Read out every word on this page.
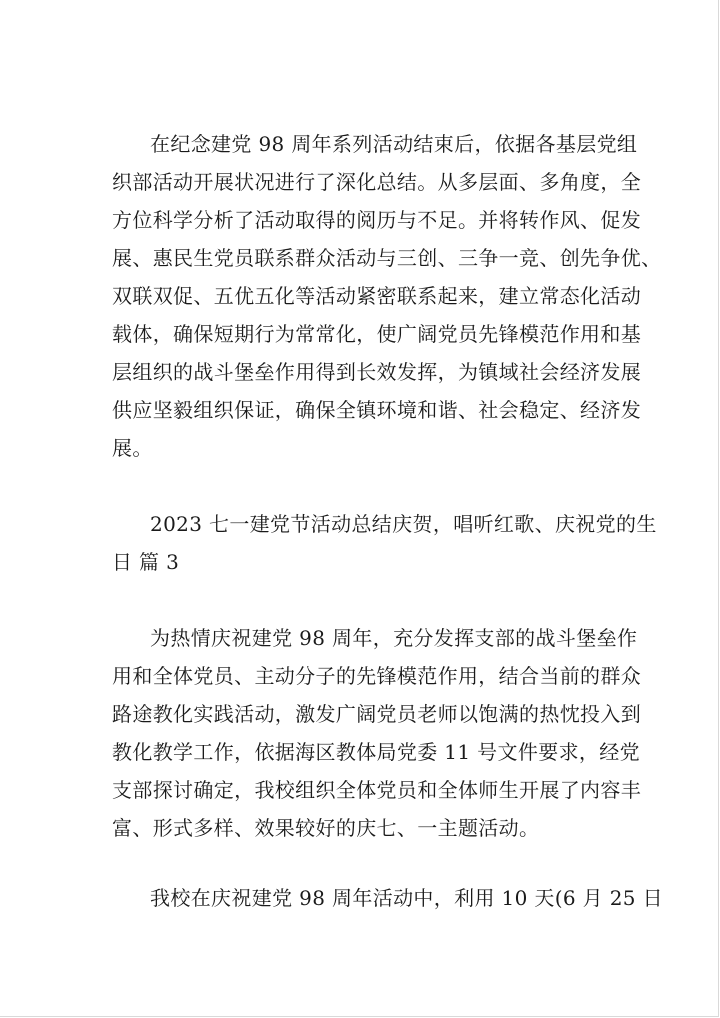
在纪念建党 98 周年系列活动结束后，依据各基层党组
织部活动开展状况进行了深化总结。从多层面、多角度，全
方位科学分析了活动取得的阅历与不足。并将转作风、促发
展、惠民生党员联系群众活动与三创、三争一竞、创先争优、
双联双促、五优五化等活动紧密联系起来，建立常态化活动
载体，确保短期行为常常化，使广阔党员先锋模范作用和基
层组织的战斗堡垒作用得到长效发挥，为镇域社会经济发展
供应坚毅组织保证，确保全镇环境和谐、社会稳定、经济发
展。
2023 七一建党节活动总结庆贺，唱听红歌、庆祝党的生
日 篇 3
为热情庆祝建党 98 周年，充分发挥支部的战斗堡垒作
用和全体党员、主动分子的先锋模范作用，结合当前的群众
路途教化实践活动，激发广阔党员老师以饱满的热忱投入到
教化教学工作，依据海区教体局党委 11 号文件要求，经党
支部探讨确定，我校组织全体党员和全体师生开展了内容丰
富、形式多样、效果较好的庆七、一主题活动。
我校在庆祝建党 98 周年活动中，利用 10 天(6 月 25 日
